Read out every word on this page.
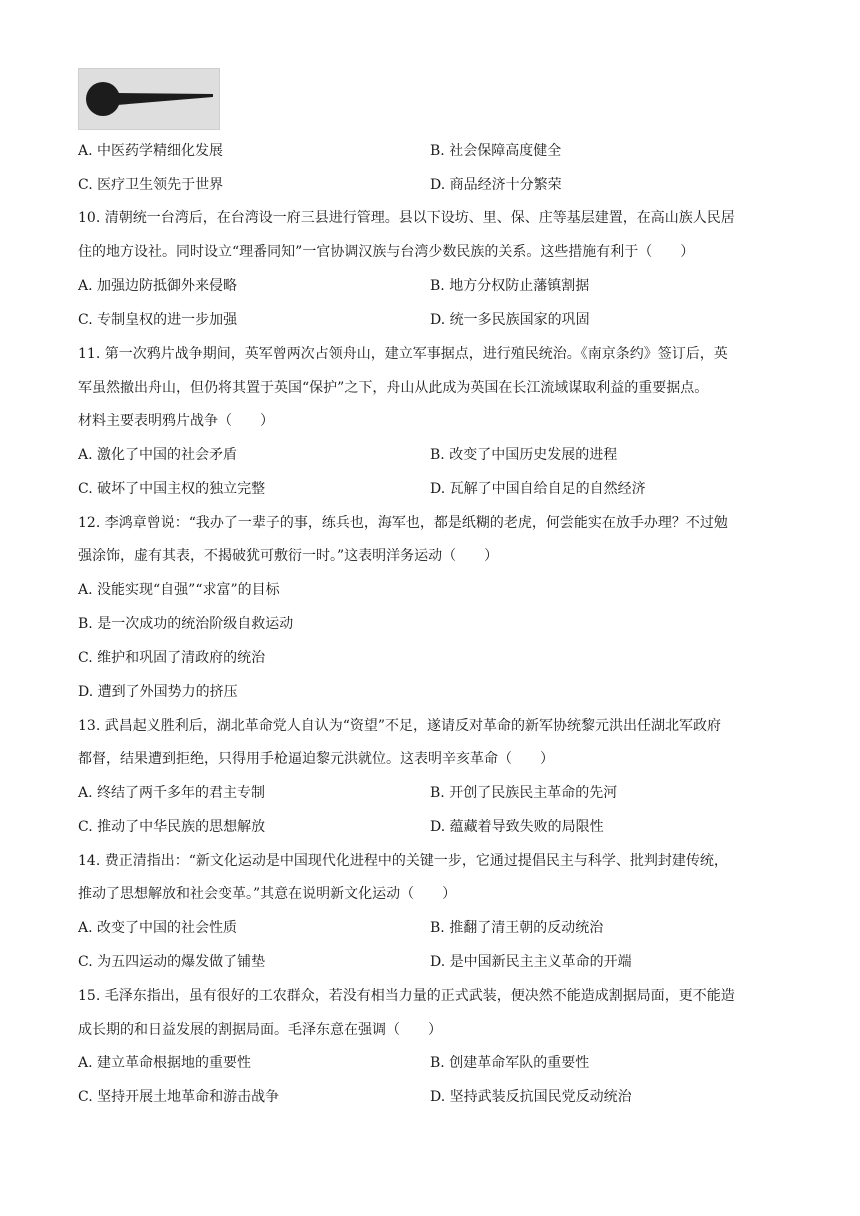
A. 中医药学精细化发展	B. 社会保障高度健全
C. 医疗卫生领先于世界	D. 商品经济十分繁荣
10. 清朝统一台湾后，在台湾设一府三县进行管理。县以下设坊、里、保、庄等基层建置，在高山族人民居
住的地方设社。同时设立“理番同知”一官协调汉族与台湾少数民族的关系。这些措施有利于（　　）
A. 加强边防抵御外来侵略	B. 地方分权防止藩镇割据
C. 专制皇权的进一步加强	D. 统一多民族国家的巩固
11. 第一次鸦片战争期间，英军曾两次占领舟山，建立军事据点，进行殖民统治。《南京条约》签订后，英
军虽然撤出舟山，但仍将其置于英国“保护”之下，舟山从此成为英国在长江流域谋取利益的重要据点。
材料主要表明鸦片战争（　　）
A. 激化了中国的社会矛盾	B. 改变了中国历史发展的进程
C. 破坏了中国主权的独立完整	D. 瓦解了中国自给自足的自然经济
12. 李鸿章曾说：“我办了一辈子的事，练兵也，海军也，都是纸糊的老虎，何尝能实在放手办理？不过勉
强涂饰，虚有其表，不揭破犹可敷衍一时。”这表明洋务运动（　　）
A. 没能实现“自强”“求富”的目标
B. 是一次成功的统治阶级自救运动
C. 维护和巩固了清政府的统治
D. 遭到了外国势力的挤压
13. 武昌起义胜利后，湖北革命党人自认为“资望”不足，遂请反对革命的新军协统黎元洪出任湖北军政府
都督，结果遭到拒绝，只得用手枪逼迫黎元洪就位。这表明辛亥革命（　　）
A. 终结了两千多年的君主专制	B. 开创了民族民主革命的先河
C. 推动了中华民族的思想解放	D. 蕴藏着导致失败的局限性
14. 费正清指出：“新文化运动是中国现代化进程中的关键一步，它通过提倡民主与科学、批判封建传统，
推动了思想解放和社会变革。”其意在说明新文化运动（　　）
A. 改变了中国的社会性质	B. 推翻了清王朝的反动统治
C. 为五四运动的爆发做了铺垫	D. 是中国新民主主义革命的开端
15. 毛泽东指出，虽有很好的工农群众，若没有相当力量的正式武装，便决然不能造成割据局面，更不能造
成长期的和日益发展的割据局面。毛泽东意在强调（　　）
A. 建立革命根据地的重要性	B. 创建革命军队的重要性
C. 坚持开展土地革命和游击战争	D. 坚持武装反抗国民党反动统治
